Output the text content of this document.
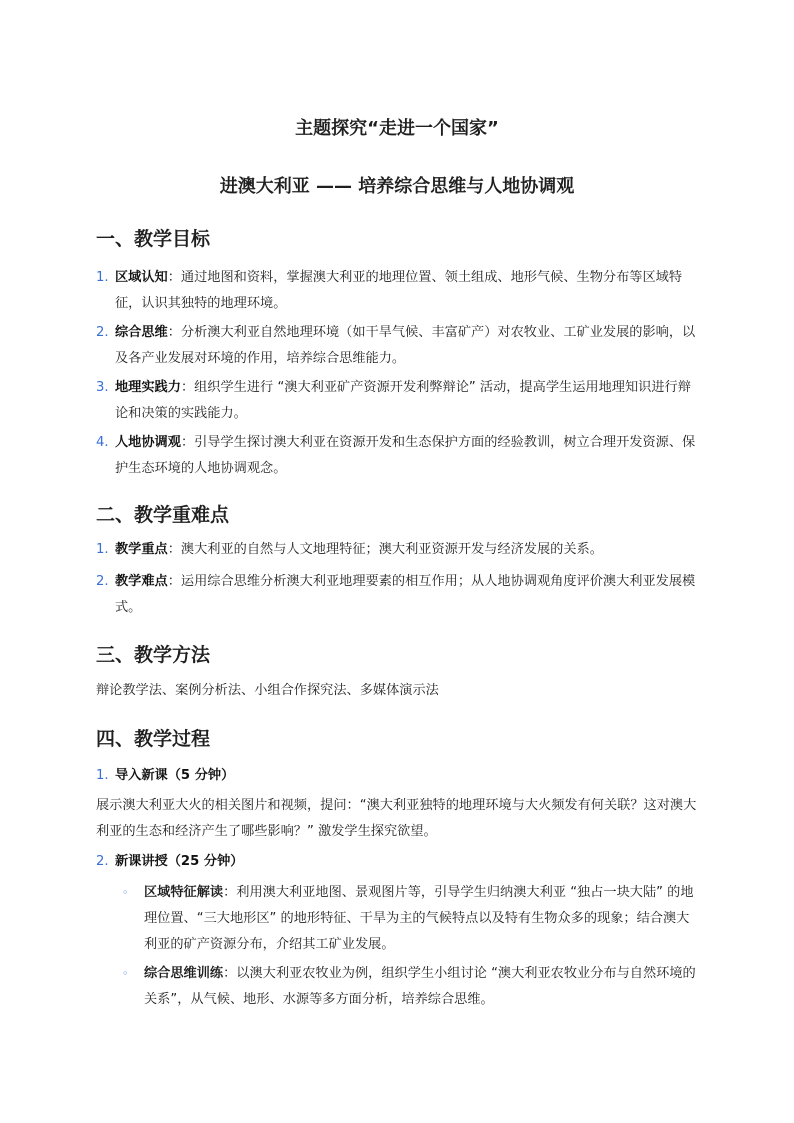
主题探究“走进一个国家”
进澳大利亚 —— 培养综合思维与人地协调观
一、教学目标
1. 区域认知：通过地图和资料，掌握澳大利亚的地理位置、领土组成、地形气候、生物分布等区域特征，认识其独特的地理环境。
2. 综合思维：分析澳大利亚自然地理环境（如干旱气候、丰富矿产）对农牧业、工矿业发展的影响，以及各产业发展对环境的作用，培养综合思维能力。
3. 地理实践力：组织学生进行 “澳大利亚矿产资源开发利弊辩论” 活动，提高学生运用地理知识进行辩论和决策的实践能力。
4. 人地协调观：引导学生探讨澳大利亚在资源开发和生态保护方面的经验教训，树立合理开发资源、保护生态环境的人地协调观念。
二、教学重难点
1. 教学重点：澳大利亚的自然与人文地理特征；澳大利亚资源开发与经济发展的关系。
2. 教学难点：运用综合思维分析澳大利亚地理要素的相互作用；从人地协调观角度评价澳大利亚发展模式。
三、教学方法
辩论教学法、案例分析法、小组合作探究法、多媒体演示法
四、教学过程
1. 导入新课（5 分钟）
展示澳大利亚大火的相关图片和视频，提问：“澳大利亚独特的地理环境与大火频发有何关联？这对澳大利亚的生态和经济产生了哪些影响？” 激发学生探究欲望。
2. 新课讲授（25 分钟）
◦	区域特征解读：利用澳大利亚地图、景观图片等，引导学生归纳澳大利亚 “独占一块大陆” 的地理位置、“三大地形区” 的地形特征、干旱为主的气候特点以及特有生物众多的现象；结合澳大利亚的矿产资源分布，介绍其工矿业发展。
◦	综合思维训练：以澳大利亚农牧业为例，组织学生小组讨论 “澳大利亚农牧业分布与自然环境的关系”，从气候、地形、水源等多方面分析，培养综合思维。
